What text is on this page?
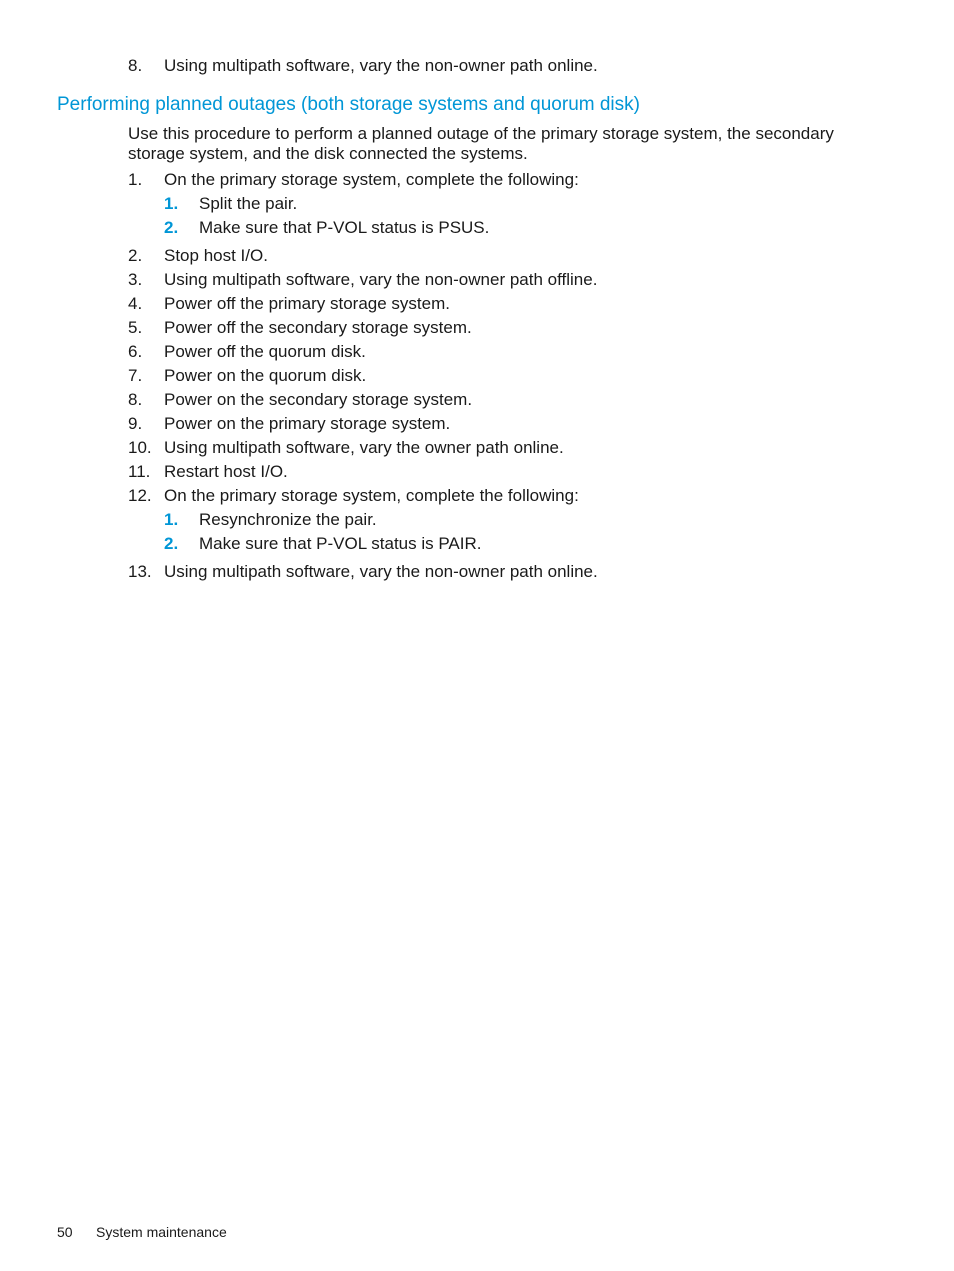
8. Using multipath software, vary the non-owner path online.
Performing planned outages (both storage systems and quorum disk)
Use this procedure to perform a planned outage of the primary storage system, the secondary storage system, and the disk connected the systems.
1. On the primary storage system, complete the following:
1. Split the pair.
2. Make sure that P-VOL status is PSUS.
2. Stop host I/O.
3. Using multipath software, vary the non-owner path offline.
4. Power off the primary storage system.
5. Power off the secondary storage system.
6. Power off the quorum disk.
7. Power on the quorum disk.
8. Power on the secondary storage system.
9. Power on the primary storage system.
10. Using multipath software, vary the owner path online.
11. Restart host I/O.
12. On the primary storage system, complete the following:
1. Resynchronize the pair.
2. Make sure that P-VOL status is PAIR.
13. Using multipath software, vary the non-owner path online.
50 System maintenance
